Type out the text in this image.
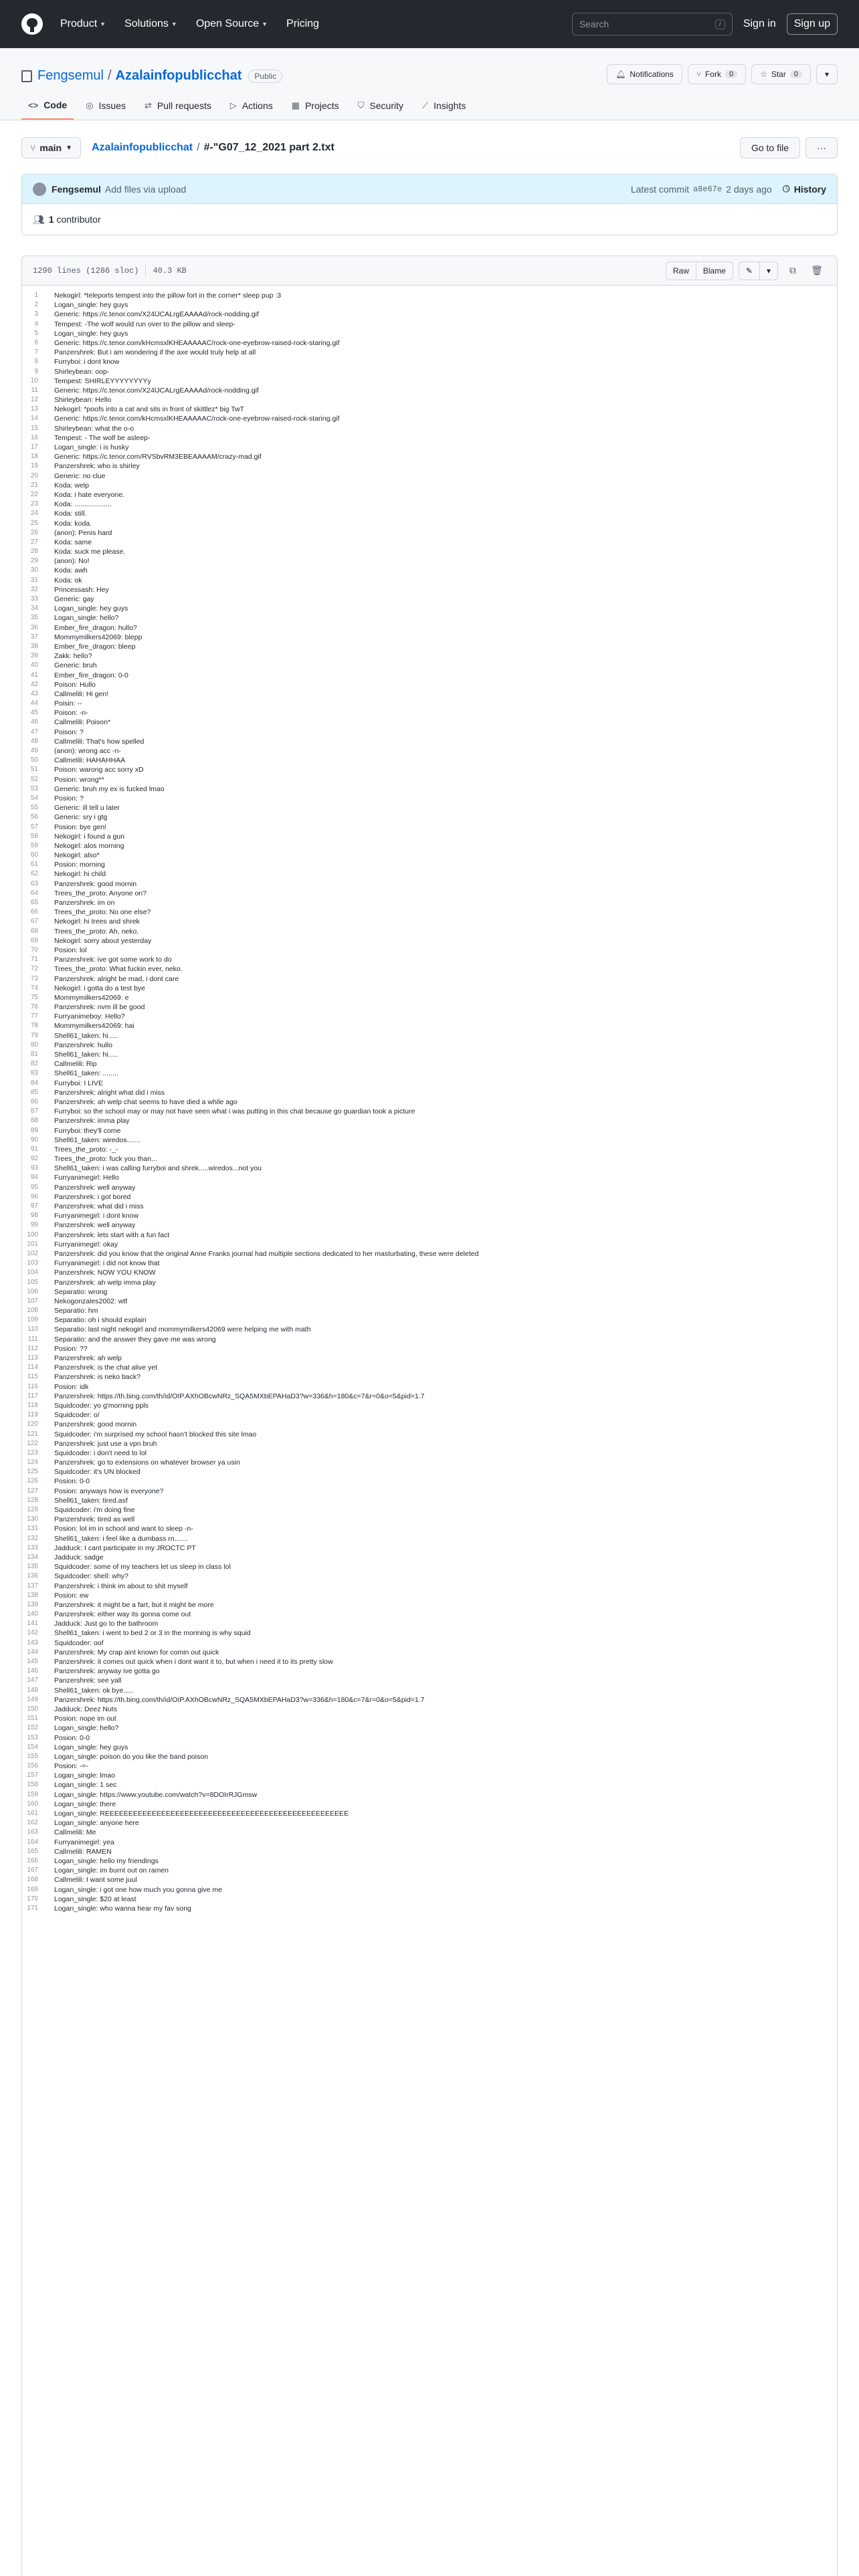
Product ▼ Solutions ▼ Open Source ▼ Pricing	Search	/	Sign in	Sign up
Fengsemul / Azalainfopublicchat	Public	🔔︎ Notifications	⑂ Fork	0	☆ Star	0	▾
<> Code ◎ Issues ⇄ Pull requests ▷ Actions ▦ Projects ⛉ Security ⟋ Insights
⑂ main ▼ Azalainfopublicchat / #-"G07_12_2021 part 2.txt	Go to file	···
Fengsemul Add files via upload	Latest commit a8e67e 2 days ago 🕓︎ History
👥︎ 1
contributor
1290 lines (1286 sloc) 40.3 KB	Raw	Blame	✎ ▾ ⧉ 🗑︎
1	Nekogirl: *teleports tempest into the pillow fort in the corner* sleep pup :3
2	Logan_single: hey guys
3	Generic: https://c.tenor.com/X24lJCALrgEAAAAd/rock-nodding.gif
4	Tempest: -The wolf would run over to the pillow and sleep-
5	Logan_single: hey guys
6	Generic: https://c.tenor.com/kHcmsxlKHEAAAAAC/rock-one-eyebrow-raised-rock-staring.gif
7	Panzershrek: But i am wondering if the axe would truly help at all
8	Furryboi: i dont know
9	Shirleybean: oop-
10	Tempest: SHIRLEYYYYYYYYy
11	Generic: https://c.tenor.com/X24lJCALrgEAAAAd/rock-nodding.gif
12	Shirleybean: Hello
13	Nekogirl: *poofs into a cat and sits in front of skittlez* big TwT
14	Generic: https://c.tenor.com/kHcmsxlKHEAAAAAC/rock-one-eyebrow-raised-rock-staring.gif
15	Shirleybean: what the o-o
16	Tempest: - The wolf be asleep-
17	Logan_single: i is husky
18	Generic: https://c.tenor.com/RVSbvRM3EBEAAAAM/crazy-mad.gif
19	Panzershrek: who is shirley
20	Generic: no clue
21	Koda: welp
22	Koda: i hate everyone.
23	Koda: ...................
24	Koda: still.
25	Koda: koda.
26	(anon): Penis hard
27	Koda: same
28	Koda: suck me please.
29	(anon): No!
30	Koda: awh
31	Koda: ok
32	Princessash: Hey
33	Generic: gay
34	Logan_single: hey guys
35	Logan_single: hello?
36	Ember_fire_dragon: hullo?
37	Mommymilkers42069: blepp
38	Ember_fire_dragon: bleep
39	Zakk: hello?
40	Generic: bruh
41	Ember_fire_dragon: 0-0
42	Poison: Hullo
43	Callmelili: Hi gen!
44	Poisin: --
45	Poison: -n-
46	Callmelili: Poison*
47	Poison: ?
48	Callmelili: That's how spelled
49	(anon): wrong acc -n-
50	Callmelili: HAHAHHAA
51	Poison: warong acc sorry xD
52	Posion: wrong**
53	Generic: bruh my ex is fucked lmao
54	Posion: ?
55	Generic: ill tell u later
56	Generic: sry i gtg
57	Posion: bye gen!
58	Nekogirl: i found a gun
59	Nekogirl: alos morning
60	Nekogirl: also*
61	Posion: morning
62	Nekogirl: hi child
63	Panzershrek: good mornin
64	Trees_the_proto: Anyone on?
65	Panzershrek: im on
66	Trees_the_proto: No one else?
67	Nekogirl: hi trees and shrek
68	Trees_the_proto: Ah, neko.
69	Nekogirl: sorry about yesterday
70	Posion: lol
71	Panzershrek: ive got some work to do
72	Trees_the_proto: What fuckin ever, neko.
73	Panzershrek: alright be mad, i dont care
74	Nekogirl: i gotta do a test bye
75	Mommymilkers42069: e
76	Panzershrek: nvm ill be good
77	Furryanimeboy: Hello?
78	Mommymilkers42069: hai
79	Shell61_taken: hi.....
80	Panzershrek: hullo
81	Shell61_taken: hi.....
82	Callmelili: Rip
83	Shell61_taken: ........
84	Furryboi: I LIVE
85	Panzershrek: alright what did i miss
86	Panzershrek: ah welp chat seems to have died a while ago
87	Furryboi: so the school may or may not have seen what i was putting in this chat because go guardian took a picture
88	Panzershrek: imma play
89	Furryboi: they'll come
90	Shell61_taken: wiredos.......
91	Trees_the_proto: -_-
92	Trees_the_proto: fuck you than...
93	Shell61_taken: i was calling furryboi and shrek.....wiredos...not you
94	Furryanimegirl: Hello
95	Panzershrek: well anyway
96	Panzershrek: i got bored
97	Panzershrek: what did i miss
98	Furryanimegirl: i dont know
99	Panzershrek: well anyway
100	Panzershrek: lets start with a fun fact
101	Furryanimegirl: okay
102	Panzershrek: did you know that the original Anne Franks journal had multiple sections dedicated to her masturbating, these were deleted
103	Furryanimegirl: i did not know that
104	Panzershrek: NOW YOU KNOW
105	Panzershrek: ah welp imma play
106	Separatio: wrong
107	Nekogonzales2002: wtf
108	Separatio: hm
109	Separatio: oh i should explain
110	Separatio: last night nekogirl and mommymilkers42069 were helping me with math
111	Separatio: and the answer they gave me was wrong
112	Posion: ??
113	Panzershrek: ah welp
114	Panzershrek: is the chat alive yet
115	Panzershrek: is neko back?
116	Posion: idk
117	Panzershrek: https://th.bing.com/th/id/OIP.AXhOBcwNRz_SQA5MXbEPAHaD3?w=336&h=180&c=7&r=0&o=5&pid=1.7
118	Squidcoder: yo g'morning ppls
119	Squidcoder: o/
120	Panzershrek: good mornin
121	Squidcoder: i'm surprised my school hasn't blocked this site lmao
122	Panzershrek: just use a vpn bruh
123	Squidcoder: i don't need to lol
124	Panzershrek: go to extensions on whatever browser ya usin
125	Squidcoder: it's UN blocked
126	Posion: 0-0
127	Posion: anyways how is everyone?
128	Shell61_taken: tired.asf
129	Squidcoder: i'm doing fine
130	Panzershrek: tired as well
131	Posion: lol im in school and want to sleep -n-
132	Shell61_taken: i feel like a dumbass rn.......
133	Jadduck: I cant participate in my JROCTC PT
134	Jadduck: sadge
135	Squidcoder: some of my teachers let us sleep in class lol
136	Squidcoder: shell: why?
137	Panzershrek: i think im about to shit myself
138	Posion: ew
139	Panzershrek: it might be a fart, but it might be more
140	Panzershrek: either way its gonna come out
141	Jadduck: Just go to the bathroom
142	Shell61_taken: i went to bed 2 or 3 in the morining is why squid
143	Squidcoder: oof
144	Panzershrek: My crap aint known for comin out quick
145	Panzershrek: it comes out quick when i dont want it to, but when i need it to its pretty slow
146	Panzershrek: anyway ive gotta go
147	Panzershrek: see yall
148	Shell61_taken: ok bye.....
149	Panzershrek: https://th.bing.com/th/id/OIP.AXhOBcwNRz_SQA5MXbEPAHaD3?w=336&h=180&c=7&r=0&o=5&pid=1.7
150	Jadduck: Deez Nuts
151	Posion: nope im out
152	Logan_single: hello?
153	Posion: 0-0
154	Logan_single: hey guys
155	Logan_single: poison do you like the band poison
156	Posion: -=-
157	Logan_single: lmao
158	Logan_single: 1 sec
159	Logan_single: https://www.youtube.com/watch?v=8DOIrRJGmsw
160	Logan_single: there
161	Logan_single: REEEEEEEEEEEEEEEEEEEEEEEEEEEEEEEEEEEEEEEEEEEEEEEEEEEE
162	Logan_single: anyone here
163	Callmelili: Me
164	Furryanimegirl: yea
165	Callmelili: RAMEN
166	Logan_single: hello my friendings
167	Logan_single: im burnt out on ramen
168	Callmelili: I want some juul
169	Logan_single: i got one how much you gonna give me
170	Logan_single: $20 at least
171	Logan_single: who wanna hear my fav song
